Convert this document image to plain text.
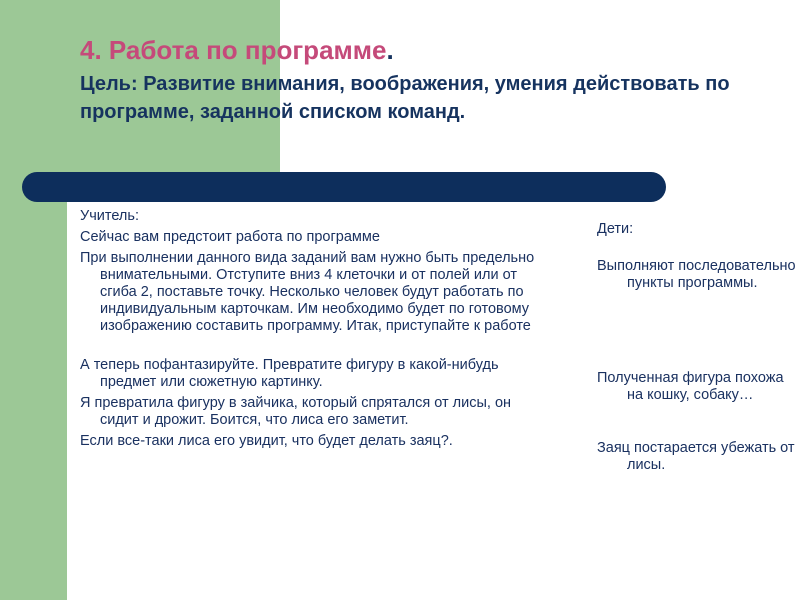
4. Работа по программе.

Цель: Развитие внимания, воображения, умения действовать по программе, заданной списком команд.

Учитель:

Сейчас вам предстоит работа по программе

При выполнении данного вида заданий вам нужно быть предельно внимательными. Отступите вниз 4 клеточки и от полей или от сгиба 2, поставьте точку. Несколько человек будут работать по индивидуальным карточкам. Им необходимо будет по готовому изображению составить программу. Итак, приступайте к работе

А теперь пофантазируйте. Превратите фигуру в какой-нибудь предмет или сюжетную картинку.

Я превратила фигуру в зайчика, который спрятался от лисы, он сидит и дрожит. Боится, что лиса его заметит.

Если все-таки лиса его увидит, что будет делать заяц?.

Дети:

Выполняют последовательно пункты программы.

Полученная фигура похожа на кошку, собаку…

Заяц постарается убежать от лисы.
